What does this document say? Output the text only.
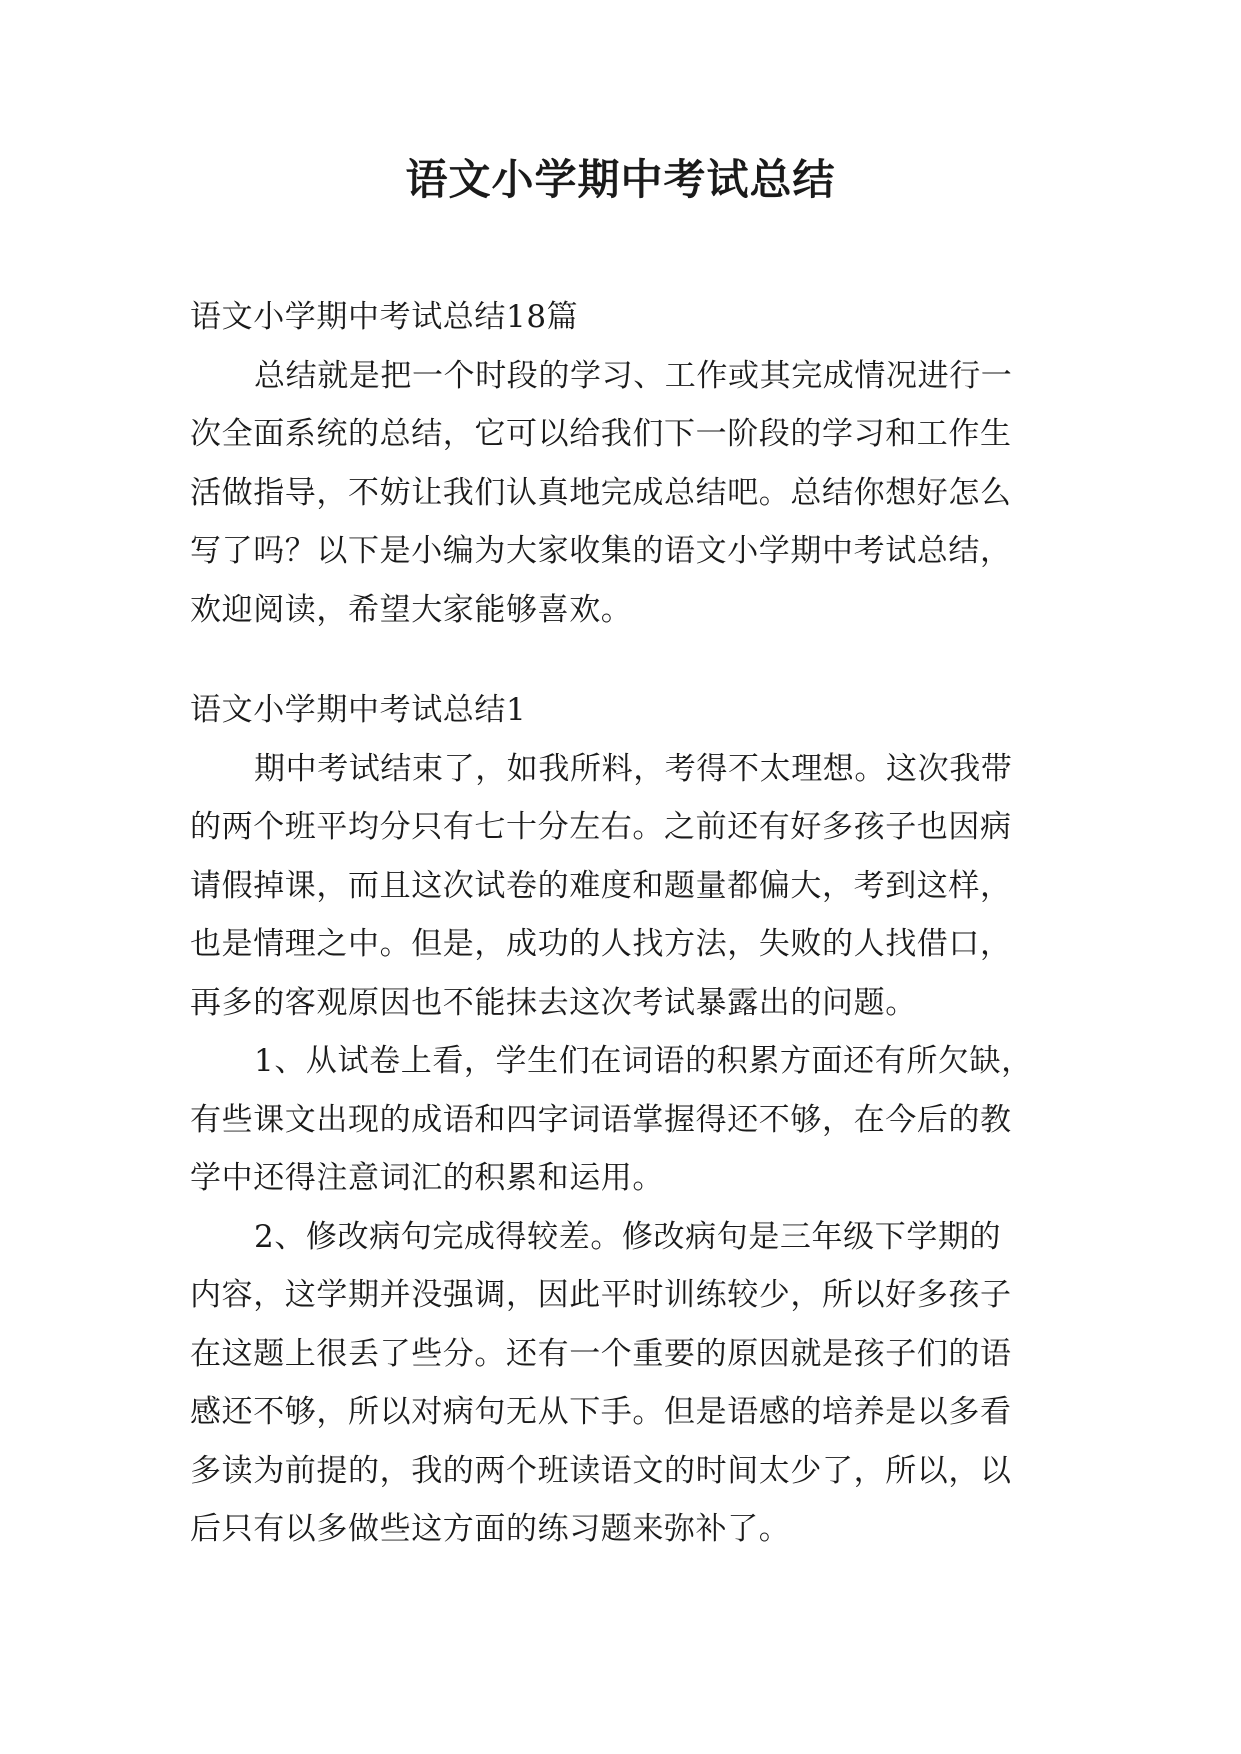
语文小学期中考试总结
语文小学期中考试总结18篇
总结就是把一个时段的学习、工作或其完成情况进行一
次全面系统的总结，它可以给我们下一阶段的学习和工作生
活做指导，不妨让我们认真地完成总结吧。总结你想好怎么
写了吗？以下是小编为大家收集的语文小学期中考试总结，
欢迎阅读，希望大家能够喜欢。
语文小学期中考试总结1
期中考试结束了，如我所料，考得不太理想。这次我带
的两个班平均分只有七十分左右。之前还有好多孩子也因病
请假掉课，而且这次试卷的难度和题量都偏大，考到这样，
也是情理之中。但是，成功的人找方法，失败的人找借口，
再多的客观原因也不能抹去这次考试暴露出的问题。
1、从试卷上看，学生们在词语的积累方面还有所欠缺，
有些课文出现的成语和四字词语掌握得还不够，在今后的教
学中还得注意词汇的积累和运用。
2、修改病句完成得较差。修改病句是三年级下学期的
内容，这学期并没强调，因此平时训练较少，所以好多孩子
在这题上很丢了些分。还有一个重要的原因就是孩子们的语
感还不够，所以对病句无从下手。但是语感的培养是以多看
多读为前提的，我的两个班读语文的时间太少了，所以，以
后只有以多做些这方面的练习题来弥补了。
